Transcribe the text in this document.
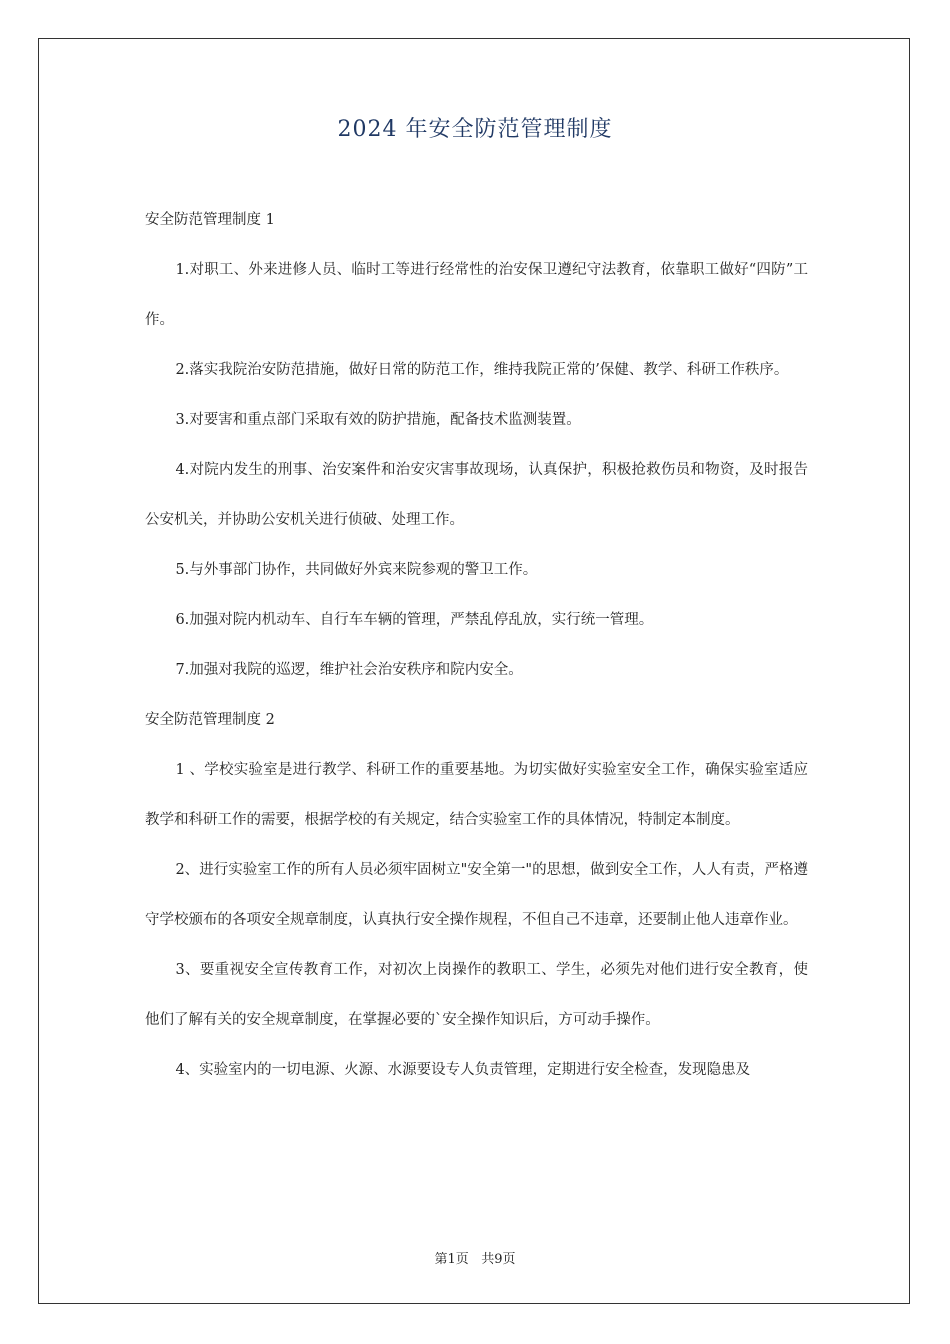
2024 年安全防范管理制度

安全防范管理制度 1

1.对职工、外来进修人员、临时工等进行经常性的治安保卫遵纪守法教育，依靠职工做好“四防”工作。

2.落实我院治安防范措施，做好日常的防范工作，维持我院正常的’保健、教学、科研工作秩序。

3.对要害和重点部门采取有效的防护措施，配备技术监测装置。

4.对院内发生的刑事、治安案件和治安灾害事故现场，认真保护，积极抢救伤员和物资，及时报告公安机关，并协助公安机关进行侦破、处理工作。

5.与外事部门协作，共同做好外宾来院参观的警卫工作。

6.加强对院内机动车、自行车车辆的管理，严禁乱停乱放，实行统一管理。

7.加强对我院的巡逻，维护社会治安秩序和院内安全。

安全防范管理制度 2

1 、学校实验室是进行教学、科研工作的重要基地。为切实做好实验室安全工作，确保实验室适应教学和科研工作的需要，根据学校的有关规定，结合实验室工作的具体情况，特制定本制度。

2、进行实验室工作的所有人员必须牢固树立"安全第一"的思想，做到安全工作，人人有责，严格遵守学校颁布的各项安全规章制度，认真执行安全操作规程，不但自己不违章，还要制止他人违章作业。

3、要重视安全宣传教育工作，对初次上岗操作的教职工、学生，必须先对他们进行安全教育，使他们了解有关的安全规章制度，在掌握必要的`安全操作知识后，方可动手操作。

4、实验室内的一切电源、火源、水源要设专人负责管理，定期进行安全检查，发现隐患及

第1页 共9页
